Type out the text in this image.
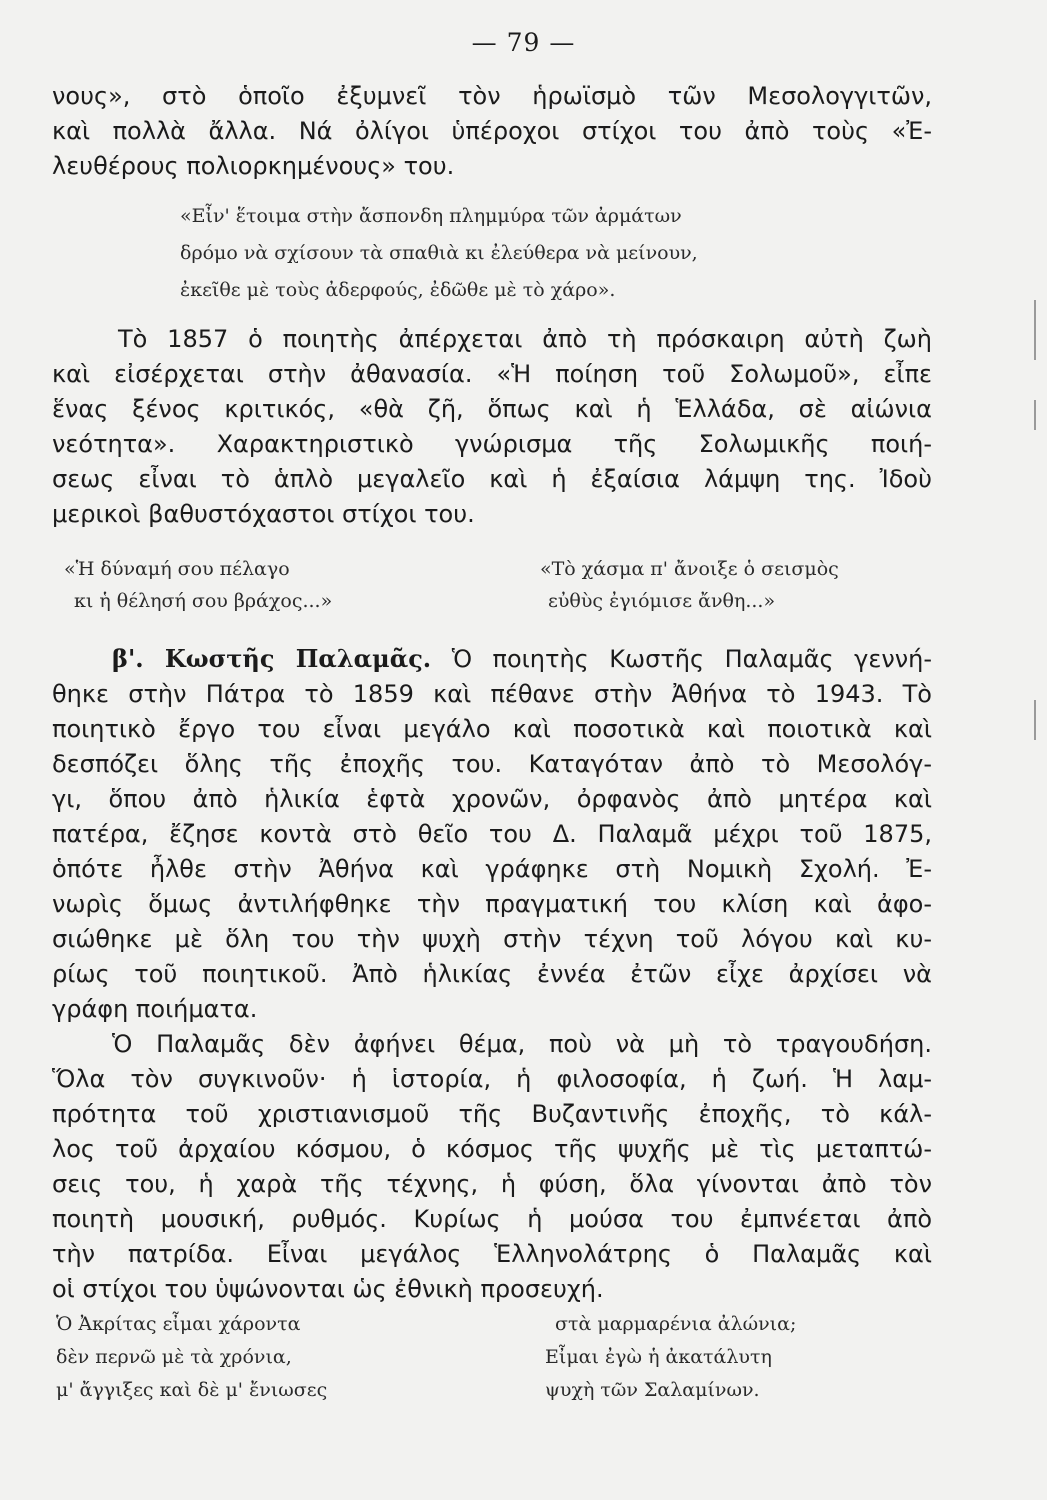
— 79 —
νους», στὸ ὁποῖο ἐξυμνεῖ τὸν ἡρωϊσμὸ τῶν Μεσολογγιτῶν,
καὶ πολλὰ ἄλλα. Νά ὀλίγοι ὑπέροχοι στίχοι του ἀπὸ τοὺς «Ἐ-
λευθέρους πολιορκημένους» του.
«Εἶν' ἕτοιμα στὴν ἄσπονδη πλημμύρα τῶν ἀρμάτων
δρόμο νὰ σχίσουν τὰ σπαθιὰ κι ἐλεύθερα νὰ μείνουν,
ἐκεῖθε μὲ τοὺς ἀδερφούς, ἐδῶθε μὲ τὸ χάρο».
Τὸ 1857 ὁ ποιητὴς ἀπέρχεται ἀπὸ τὴ πρόσκαιρη αὐτὴ ζωὴ
καὶ εἰσέρχεται στὴν ἀθανασία. «Ἡ ποίηση τοῦ Σολωμοῦ», εἶπε
ἕνας ξένος κριτικός, «θὰ ζῆ, ὅπως καὶ ἡ Ἑλλάδα, σὲ αἰώνια
νεότητα». Χαρακτηριστικὸ γνώρισμα τῆς Σολωμικῆς ποιή-
σεως εἶναι τὸ ἁπλὸ μεγαλεῖο καὶ ἡ ἐξαίσια λάμψη της. Ἰδοὺ
μερικοὶ βαθυστόχαστοι στίχοι του.
«Ἡ δύναμή σου πέλαγο
κι ἡ θέλησή σου βράχος...»
«Τὸ χάσμα π' ἄνοιξε ὁ σεισμὸς
εὐθὺς ἐγιόμισε ἄνθη...»
β'. Κωστῆς Παλαμᾶς. Ὁ ποιητὴς Κωστῆς Παλαμᾶς γεννή-
θηκε στὴν Πάτρα τὸ 1859 καὶ πέθανε στὴν Ἀθήνα τὸ 1943. Τὸ
ποιητικὸ ἔργο του εἶναι μεγάλο καὶ ποσοτικὰ καὶ ποιοτικὰ καὶ
δεσπόζει ὅλης τῆς ἐποχῆς του. Καταγόταν ἀπὸ τὸ Μεσολόγ-
γι, ὅπου ἀπὸ ἡλικία ἑφτὰ χρονῶν, ὀρφανὸς ἀπὸ μητέρα καὶ
πατέρα, ἔζησε κοντὰ στὸ θεῖο του Δ. Παλαμᾶ μέχρι τοῦ 1875,
ὁπότε ἦλθε στὴν Ἀθήνα καὶ γράφηκε στὴ Νομικὴ Σχολή. Ἐ-
νωρὶς ὅμως ἀντιλήφθηκε τὴν πραγματική του κλίση καὶ ἀφο-
σιώθηκε μὲ ὅλη του τὴν ψυχὴ στὴν τέχνη τοῦ λόγου καὶ κυ-
ρίως τοῦ ποιητικοῦ. Ἀπὸ ἡλικίας ἐννέα ἐτῶν εἶχε ἀρχίσει νὰ
γράφη ποιήματα.
Ὁ Παλαμᾶς δὲν ἀφήνει θέμα, ποὺ νὰ μὴ τὸ τραγουδήση.
Ὅλα τὸν συγκινοῦν· ἡ ἱστορία, ἡ φιλοσοφία, ἡ ζωή. Ἡ λαμ-
πρότητα τοῦ χριστιανισμοῦ τῆς Βυζαντινῆς ἐποχῆς, τὸ κάλ-
λος τοῦ ἀρχαίου κόσμου, ὁ κόσμος τῆς ψυχῆς μὲ τὶς μεταπτώ-
σεις του, ἡ χαρὰ τῆς τέχνης, ἡ φύση, ὅλα γίνονται ἀπὸ τὸν
ποιητὴ μουσική, ρυθμός. Κυρίως ἡ μούσα του ἐμπνέεται ἀπὸ
τὴν πατρίδα. Εἶναι μεγάλος Ἑλληνολάτρης ὁ Παλαμᾶς καὶ
οἱ στίχοι του ὑψώνονται ὡς ἐθνικὴ προσευχή.
Ὁ Ἀκρίτας εἶμαι χάροντα
δὲν περνῶ μὲ τὰ χρόνια,
μ' ἄγγιξες καὶ δὲ μ' ἔνιωσες
στὰ μαρμαρένια ἀλώνια;
Εἶμαι ἐγὼ ἡ ἀκατάλυτη
ψυχὴ τῶν Σαλαμίνων.
